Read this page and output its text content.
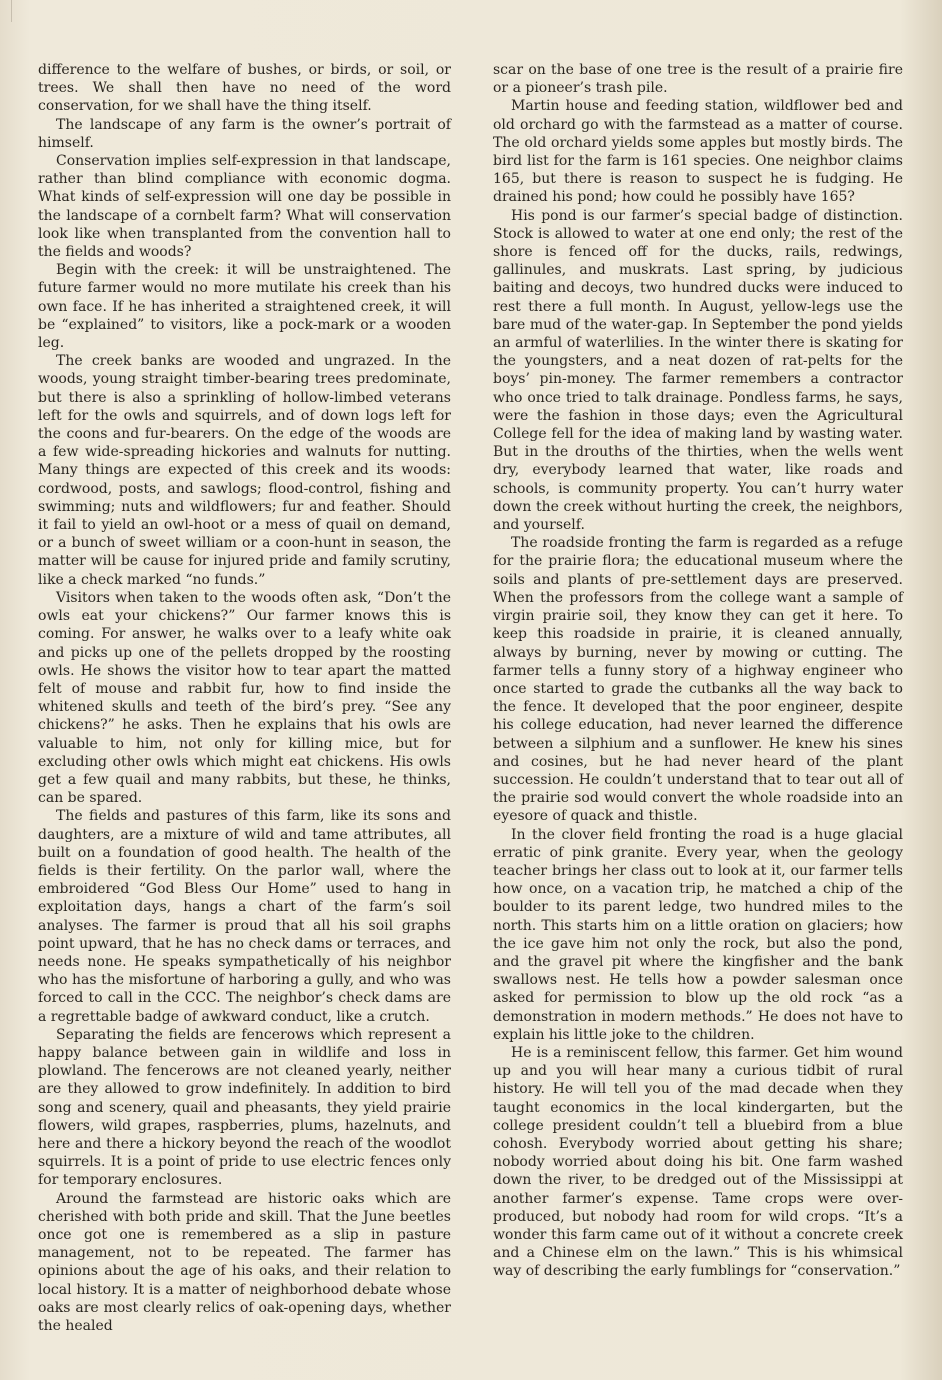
difference to the welfare of bushes, or birds, or soil, or trees. We shall then have no need of the word conservation, for we shall have the thing itself.

The landscape of any farm is the owner’s portrait of himself.

Conservation implies self-expression in that landscape, rather than blind compliance with economic dogma. What kinds of self-expression will one day be possible in the landscape of a cornbelt farm? What will conservation look like when transplanted from the convention hall to the fields and woods?

Begin with the creek: it will be unstraightened. The future farmer would no more mutilate his creek than his own face. If he has inherited a straightened creek, it will be “explained” to visitors, like a pock-mark or a wooden leg.

The creek banks are wooded and ungrazed. In the woods, young straight timber-bearing trees predominate, but there is also a sprinkling of hollow-limbed veterans left for the owls and squirrels, and of down logs left for the coons and fur-bearers. On the edge of the woods are a few wide-spreading hickories and walnuts for nutting. Many things are expected of this creek and its woods: cordwood, posts, and sawlogs; flood-control, fishing and swimming; nuts and wildflowers; fur and feather. Should it fail to yield an owl-hoot or a mess of quail on demand, or a bunch of sweet william or a coon-hunt in season, the matter will be cause for injured pride and family scrutiny, like a check marked “no funds.”

Visitors when taken to the woods often ask, “Don’t the owls eat your chickens?” Our farmer knows this is coming. For answer, he walks over to a leafy white oak and picks up one of the pellets dropped by the roosting owls. He shows the visitor how to tear apart the matted felt of mouse and rabbit fur, how to find inside the whitened skulls and teeth of the bird’s prey. “See any chickens?” he asks. Then he explains that his owls are valuable to him, not only for killing mice, but for excluding other owls which might eat chickens. His owls get a few quail and many rabbits, but these, he thinks, can be spared.

The fields and pastures of this farm, like its sons and daughters, are a mixture of wild and tame attributes, all built on a foundation of good health. The health of the fields is their fertility. On the parlor wall, where the embroidered “God Bless Our Home” used to hang in exploitation days, hangs a chart of the farm’s soil analyses. The farmer is proud that all his soil graphs point upward, that he has no check dams or terraces, and needs none. He speaks sympathetically of his neighbor who has the misfortune of harboring a gully, and who was forced to call in the CCC. The neighbor’s check dams are a regrettable badge of awkward conduct, like a crutch.

Separating the fields are fencerows which represent a happy balance between gain in wildlife and loss in plowland. The fencerows are not cleaned yearly, neither are they allowed to grow indefinitely. In addition to bird song and scenery, quail and pheasants, they yield prairie flowers, wild grapes, raspberries, plums, hazelnuts, and here and there a hickory beyond the reach of the woodlot squirrels. It is a point of pride to use electric fences only for temporary enclosures.

Around the farmstead are historic oaks which are cherished with both pride and skill. That the June beetles once got one is remembered as a slip in pasture management, not to be repeated. The farmer has opinions about the age of his oaks, and their relation to local history. It is a matter of neighborhood debate whose oaks are most clearly relics of oak-opening days, whether the healed

scar on the base of one tree is the result of a prairie fire or a pioneer’s trash pile.

Martin house and feeding station, wildflower bed and old orchard go with the farmstead as a matter of course. The old orchard yields some apples but mostly birds. The bird list for the farm is 161 species. One neighbor claims 165, but there is reason to suspect he is fudging. He drained his pond; how could he possibly have 165?

His pond is our farmer’s special badge of distinction. Stock is allowed to water at one end only; the rest of the shore is fenced off for the ducks, rails, redwings, gallinules, and muskrats. Last spring, by judicious baiting and decoys, two hundred ducks were induced to rest there a full month. In August, yellow-legs use the bare mud of the water-gap. In September the pond yields an armful of waterlilies. In the winter there is skating for the youngsters, and a neat dozen of rat-pelts for the boys’ pin-money. The farmer remembers a contractor who once tried to talk drainage. Pondless farms, he says, were the fashion in those days; even the Agricultural College fell for the idea of making land by wasting water. But in the drouths of the thirties, when the wells went dry, everybody learned that water, like roads and schools, is community property. You can’t hurry water down the creek without hurting the creek, the neighbors, and yourself.

The roadside fronting the farm is regarded as a refuge for the prairie flora; the educational museum where the soils and plants of pre-settlement days are preserved. When the professors from the college want a sample of virgin prairie soil, they know they can get it here. To keep this roadside in prairie, it is cleaned annually, always by burning, never by mowing or cutting. The farmer tells a funny story of a highway engineer who once started to grade the cutbanks all the way back to the fence. It developed that the poor engineer, despite his college education, had never learned the difference between a silphium and a sunflower. He knew his sines and cosines, but he had never heard of the plant succession. He couldn’t understand that to tear out all of the prairie sod would convert the whole roadside into an eyesore of quack and thistle.

In the clover field fronting the road is a huge glacial erratic of pink granite. Every year, when the geology teacher brings her class out to look at it, our farmer tells how once, on a vacation trip, he matched a chip of the boulder to its parent ledge, two hundred miles to the north. This starts him on a little oration on glaciers; how the ice gave him not only the rock, but also the pond, and the gravel pit where the kingfisher and the bank swallows nest. He tells how a powder salesman once asked for permission to blow up the old rock “as a demonstration in modern methods.” He does not have to explain his little joke to the children.

He is a reminiscent fellow, this farmer. Get him wound up and you will hear many a curious tidbit of rural history. He will tell you of the mad decade when they taught economics in the local kindergarten, but the college president couldn’t tell a bluebird from a blue cohosh. Everybody worried about getting his share; nobody worried about doing his bit. One farm washed down the river, to be dredged out of the Mississippi at another farmer’s expense. Tame crops were over-produced, but nobody had room for wild crops. “It’s a wonder this farm came out of it without a concrete creek and a Chinese elm on the lawn.” This is his whimsical way of describing the early fumblings for “conservation.”
